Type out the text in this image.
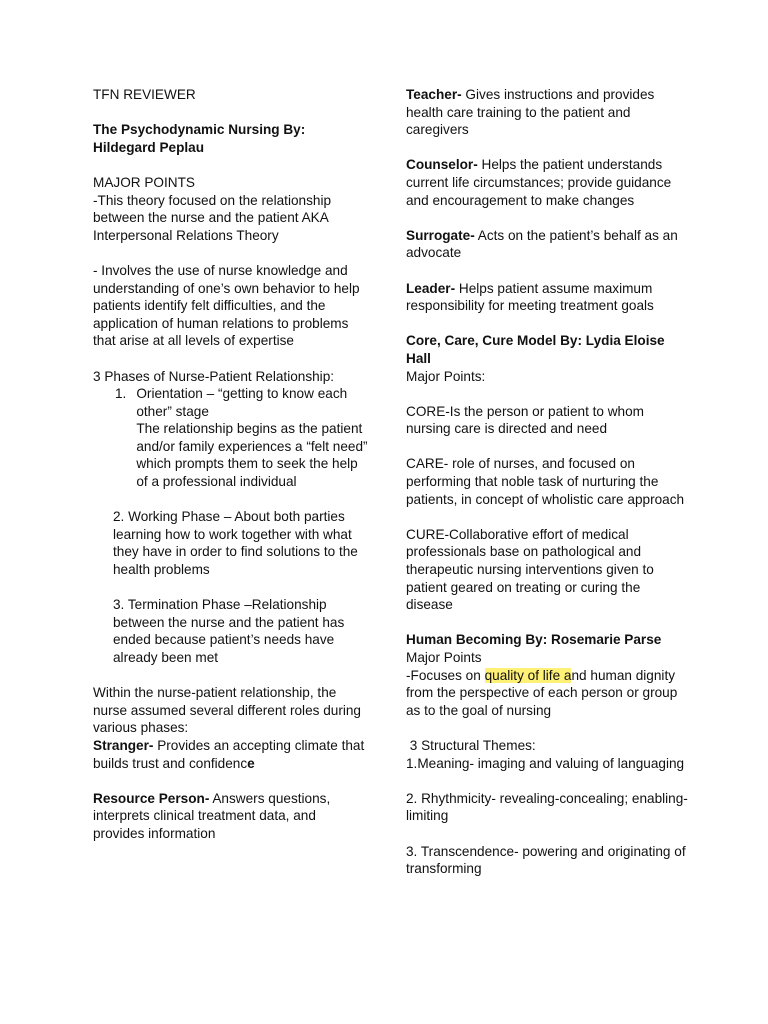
TFN REVIEWER

The Psychodynamic Nursing By: Hildegard Peplau

MAJOR POINTS

-This theory focused on the relationship between the nurse and the patient AKA Interpersonal Relations Theory

- Involves the use of nurse knowledge and understanding of one’s own behavior to help patients identify felt difficulties, and the application of human relations to problems that arise at all levels of expertise

3 Phases of Nurse-Patient Relationship:

1. Orientation – “getting to know each other” stage

The relationship begins as the patient and/or family experiences a “felt need” which prompts them to seek the help of a professional individual

2. Working Phase – About both parties learning how to work together with what they have in order to find solutions to the health problems

3. Termination Phase –Relationship between the nurse and the patient has ended because patient’s needs have already been met

Within the nurse-patient relationship, the nurse assumed several different roles during various phases:

Stranger- Provides an accepting climate that builds trust and confidence

Resource Person- Answers questions, interprets clinical treatment data, and provides information

Teacher- Gives instructions and provides health care training to the patient and caregivers

Counselor- Helps the patient understands current life circumstances; provide guidance and encouragement to make changes

Surrogate- Acts on the patient’s behalf as an advocate

Leader- Helps patient assume maximum responsibility for meeting treatment goals

Core, Care, Cure Model By: Lydia Eloise Hall

Major Points:

CORE-Is the person or patient to whom nursing care is directed and need

CARE- role of nurses, and focused on performing that noble task of nurturing the patients, in concept of wholistic care approach

CURE-Collaborative effort of medical professionals base on pathological and therapeutic nursing interventions given to patient geared on treating or curing the disease

Human Becoming By: Rosemarie Parse

Major Points

-Focuses on quality of life and human dignity from the perspective of each person or group as to the goal of nursing

3 Structural Themes:

1.Meaning- imaging and valuing of languaging

2. Rhythmicity- revealing-concealing; enabling-limiting

3. Transcendence- powering and originating of transforming
